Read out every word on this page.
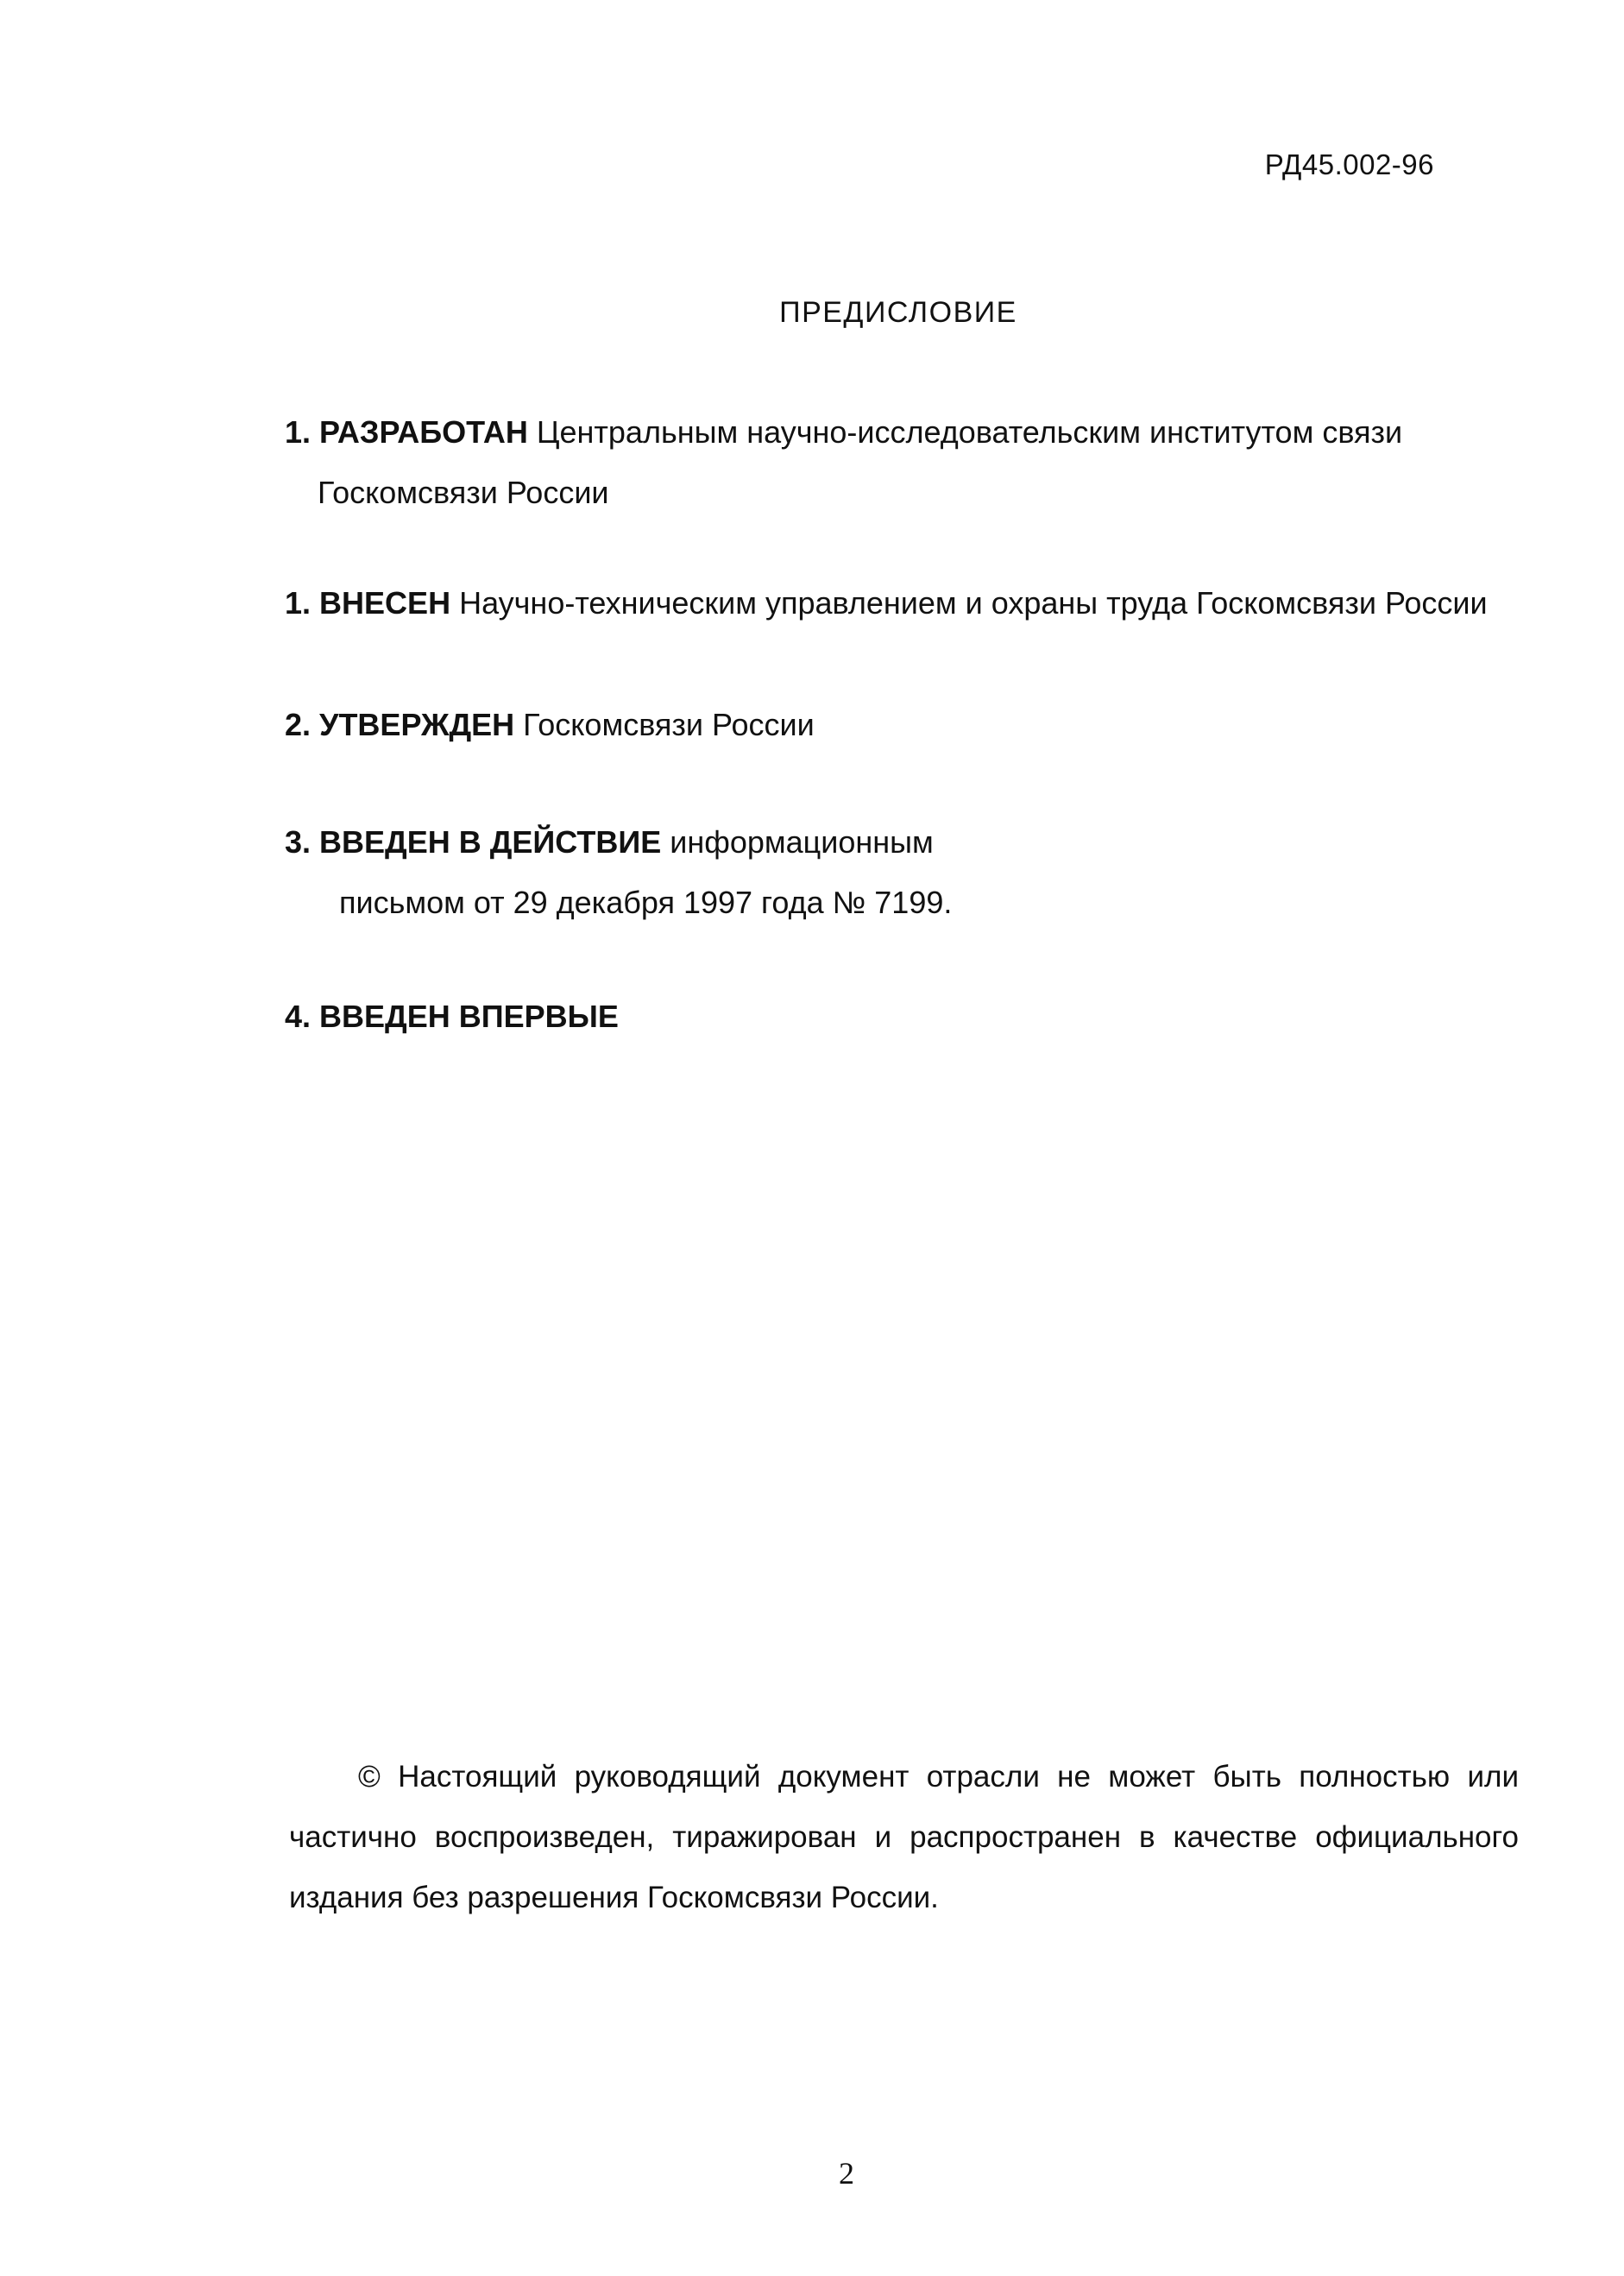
РД45.002-96
ПРЕДИСЛОВИЕ
1. РАЗРАБОТАН Центральным научно-исследовательским институтом связи
Госкомсвязи России
1. ВНЕСЕН Научно-техническим управлением и охраны труда Госкомсвязи России
2. УТВЕРЖДЕН Госкомсвязи России
3. ВВЕДЕН В ДЕЙСТВИЕ информационным
письмом от 29 декабря 1997 года № 7199.
4. ВВЕДЕН ВПЕРВЫЕ

© Настоящий руководящий документ отрасли не может быть полностью или

частично воспроизведен, тиражирован и распространен в качестве официального

издания без разрешения Госкомсвязи России.

2
